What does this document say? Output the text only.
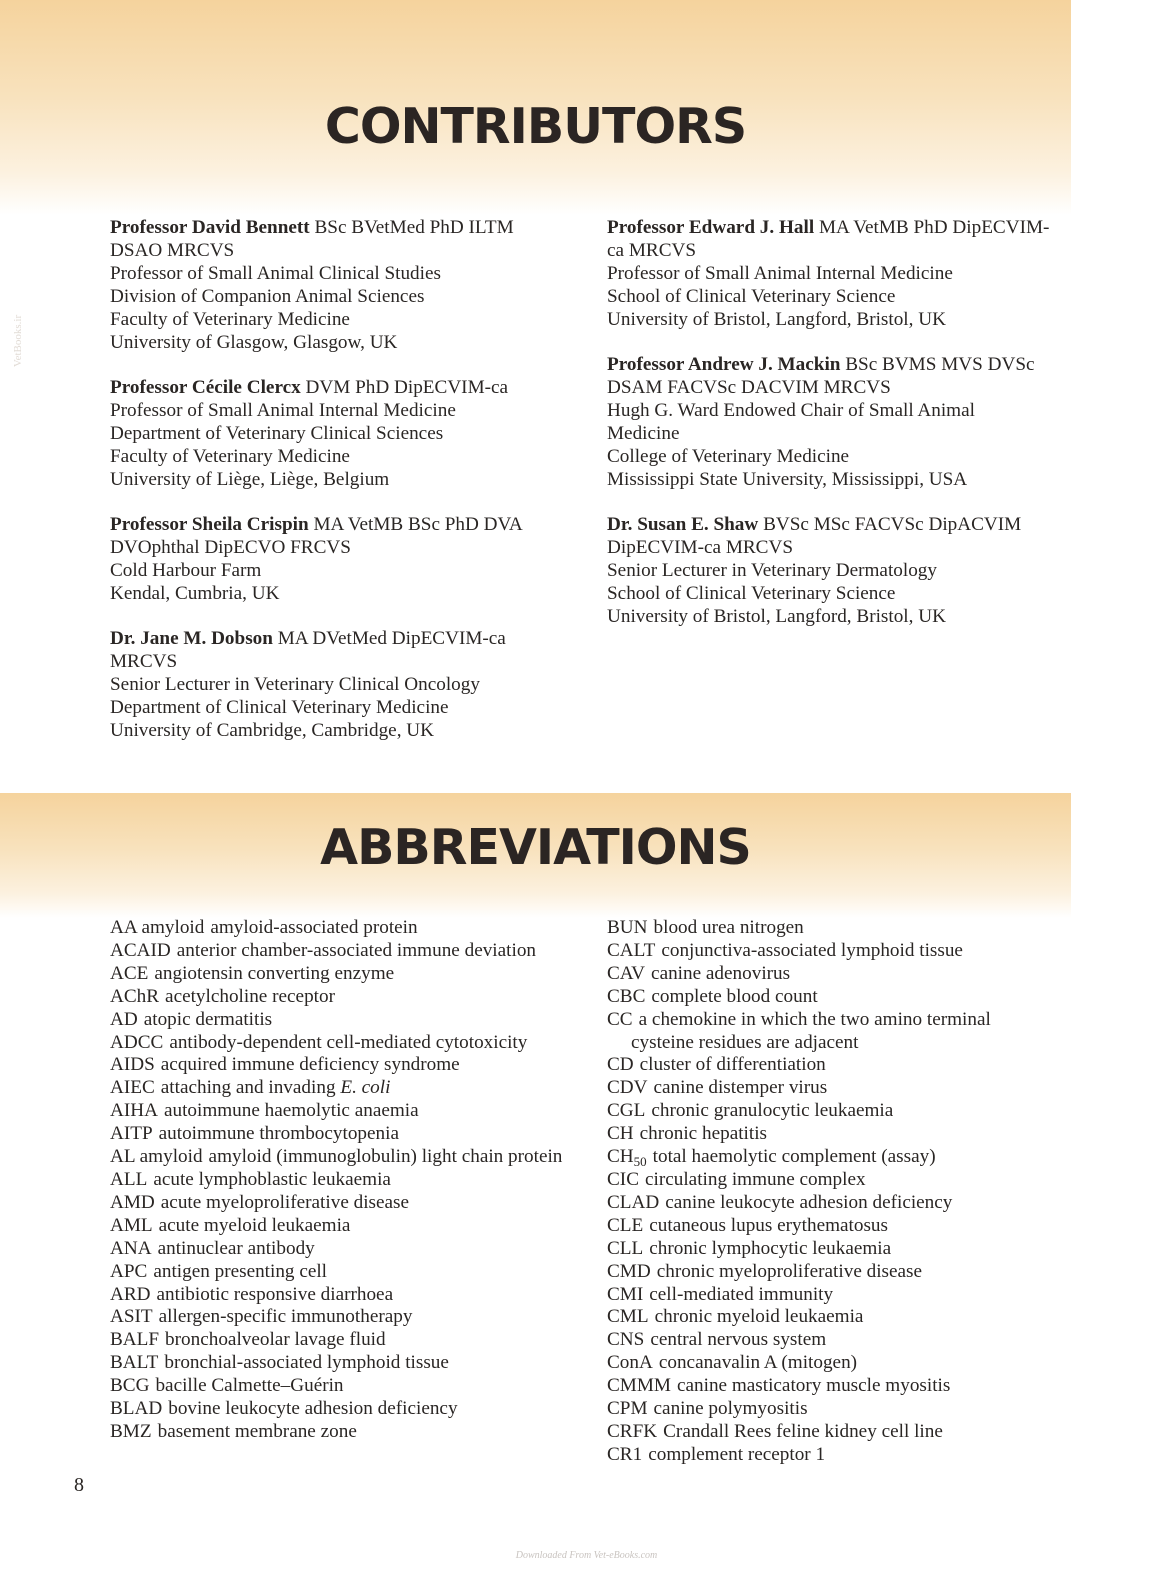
CONTRIBUTORS
VetBooks.ir
Professor David Bennett BSc BVetMed PhD ILTM
DSAO MRCVS
Professor of Small Animal Clinical Studies
Division of Companion Animal Sciences
Faculty of Veterinary Medicine
University of Glasgow, Glasgow, UK
Professor Cécile Clercx DVM PhD DipECVIM-ca
Professor of Small Animal Internal Medicine
Department of Veterinary Clinical Sciences
Faculty of Veterinary Medicine
University of Liège, Liège, Belgium
Professor Sheila Crispin MA VetMB BSc PhD DVA
DVOphthal DipECVO FRCVS
Cold Harbour Farm
Kendal, Cumbria, UK
Dr. Jane M. Dobson MA DVetMed DipECVIM-ca
MRCVS
Senior Lecturer in Veterinary Clinical Oncology
Department of Clinical Veterinary Medicine
University of Cambridge, Cambridge, UK
Professor Edward J. Hall MA VetMB PhD DipECVIM-
ca MRCVS
Professor of Small Animal Internal Medicine
School of Clinical Veterinary Science
University of Bristol, Langford, Bristol, UK
Professor Andrew J. Mackin BSc BVMS MVS DVSc
DSAM FACVSc DACVIM MRCVS
Hugh G. Ward Endowed Chair of Small Animal
Medicine
College of Veterinary Medicine
Mississippi State University, Mississippi, USA
Dr. Susan E. Shaw BVSc MSc FACVSc DipACVIM
DipECVIM-ca MRCVS
Senior Lecturer in Veterinary Dermatology
School of Clinical Veterinary Science
University of Bristol, Langford, Bristol, UK
ABBREVIATIONS
AA amyloid amyloid-associated protein
ACAID anterior chamber-associated immune deviation
ACE angiotensin converting enzyme
AChR acetylcholine receptor
AD atopic dermatitis
ADCC antibody-dependent cell-mediated cytotoxicity
AIDS acquired immune deficiency syndrome
AIEC attaching and invading E. coli
AIHA autoimmune haemolytic anaemia
AITP autoimmune thrombocytopenia
AL amyloid amyloid (immunoglobulin) light chain protein
ALL acute lymphoblastic leukaemia
AMD acute myeloproliferative disease
AML acute myeloid leukaemia
ANA antinuclear antibody
APC antigen presenting cell
ARD antibiotic responsive diarrhoea
ASIT allergen-specific immunotherapy
BALF bronchoalveolar lavage fluid
BALT bronchial-associated lymphoid tissue
BCG bacille Calmette–Guérin
BLAD bovine leukocyte adhesion deficiency
BMZ basement membrane zone
BUN blood urea nitrogen
CALT conjunctiva-associated lymphoid tissue
CAV canine adenovirus
CBC complete blood count
CC a chemokine in which the two amino terminal cysteine residues are adjacent
CD cluster of differentiation
CDV canine distemper virus
CGL chronic granulocytic leukaemia
CH chronic hepatitis
$CH_{50}$ total haemolytic complement (assay)
CIC circulating immune complex
CLAD canine leukocyte adhesion deficiency
CLE cutaneous lupus erythematosus
CLL chronic lymphocytic leukaemia
CMD chronic myeloproliferative disease
CMI cell-mediated immunity
CML chronic myeloid leukaemia
CNS central nervous system
ConA concanavalin A (mitogen)
CMMM canine masticatory muscle myositis
CPM canine polymyositis
CRFK Crandall Rees feline kidney cell line
CR1 complement receptor 1
8
Downloaded From Vet-eBooks.com
